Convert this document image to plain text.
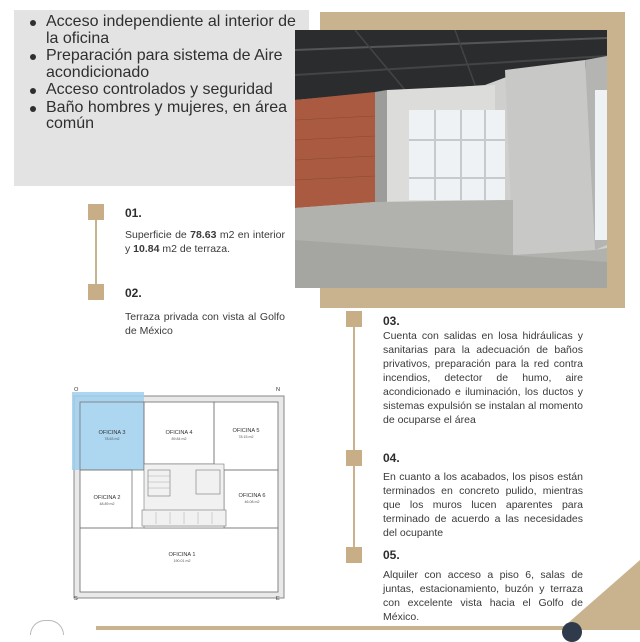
Acceso independiente al interior de la oficina
Preparación para sistema de Aire acondicionado
Acceso controlados y seguridad
Baño hombres y mujeres, en área común
01.
Superficie de 78.63 m2 en interior y 10.84 m2 de terraza.
02.
Terraza privada con vista al Golfo de México
03.
Cuenta con salidas en losa hidráulicas y sanitarias para la adecuación de baños privativos, preparación para la red contra incendios, detector de humo, aire acondicionado e iluminación, los ductos y sistemas expulsión se instalan al momento de ocuparse el área
04.
En cuanto a los acabados, los pisos están terminados en concreto pulido, mientras que los muros lucen aparentes para terminado de acuerdo a las necesidades del ocupante
05.
Alquiler con acceso a piso 6, salas de juntas, estacionamiento, buzón y terraza con excelente vista hacia el Golfo de México.
O	N
S	E
OFICINA 3
78.63 m2
OFICINA 4
89.84 m2
OFICINA 5
78.15 m2
OFICINA 2
48.89 m2
OFICINA 6
46.08 m2
OFICINA 1
190.01 m2
